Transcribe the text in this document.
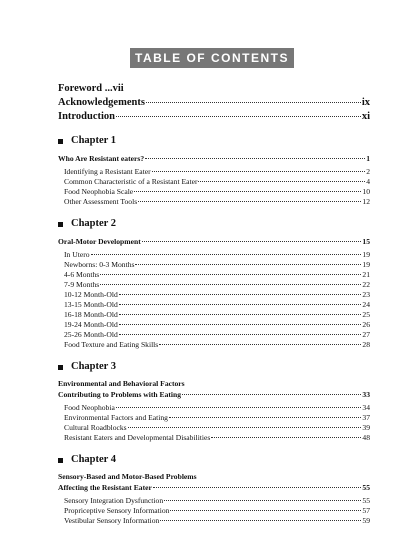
TABLE OF CONTENTS
Foreword ...vii
Acknowledgements	ix
Introduction	xi
Chapter 1
Who Are Resistant eaters?	1
Identifying a Resistant Eater	2
Common Characteristic of a Resistant Eater	4
Food Neophobia Scale	10
Other Assessment Tools	12
Chapter 2
Oral-Motor Development	15
In Utero	19
Newborns: 0-3 Months	19
4-6 Months	21
7-9 Months	22
10-12 Month-Old	23
13-15 Month-Old	24
16-18 Month-Old	25
19-24 Month-Old	26
25-26 Month-Old	27
Food Texture and Eating Skills	28
Chapter 3
Environmental and Behavioral Factors
Contributing to Problems with Eating	33
Food Neophobia	34
Environmental Factors and Eating	37
Cultural Roadblocks	39
Resistant Eaters and Developmental Disabilities	48
Chapter 4
Sensory-Based and Motor-Based Problems
Affecting the Resistant Eater	55
Sensory Integration Dysfunction	55
Propriceptive Sensory Information	57
Vestibular Sensory Information	59
